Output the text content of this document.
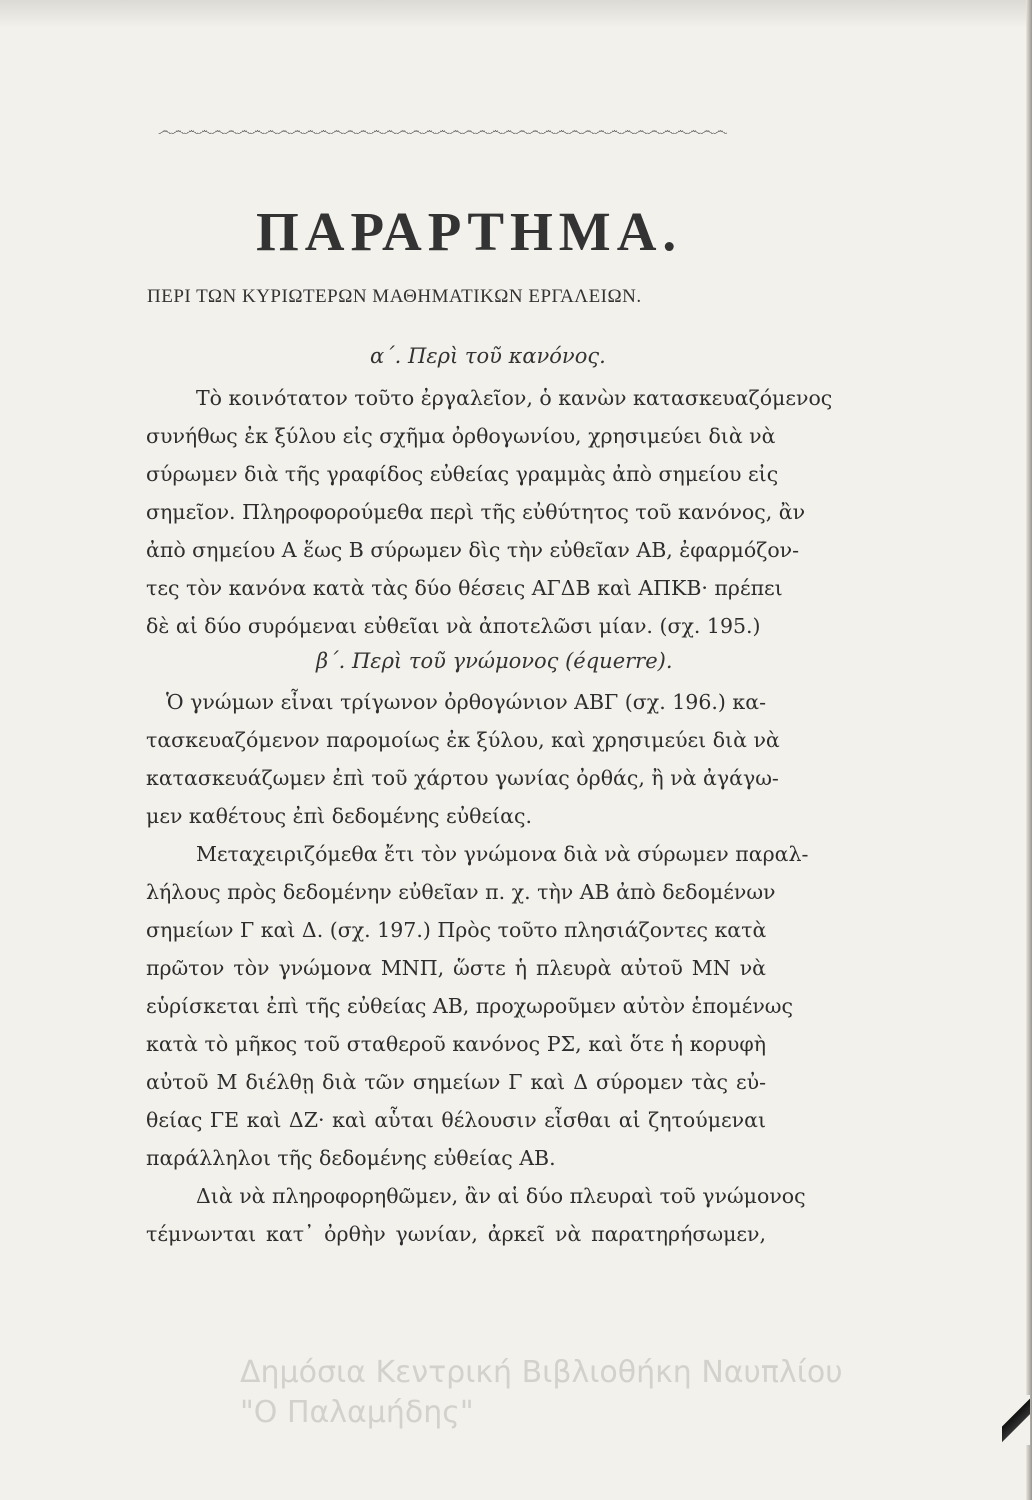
෴෴෴෴෴෴෴෴෴෴෴෴෴෴෴෴෴෴෴෴෴෴෴෴෴෴෴෴෴෴෴෴෴෴෴෴෴෴෴෴෴෴෴
ΠΑΡΑΡΤΗΜΑ.
ΠΕΡΙ ΤΩΝ ΚΥΡΙΩΤΕΡΩΝ ΜΑΘΗΜΑΤΙΚΩΝ ΕΡΓΑΛΕΙΩΝ.
α΄. Περὶ τοῦ κανόνος.
Τὸ κοινότατον τοῦτο ἐργαλεῖον, ὁ κανὼν κατασκευαζόμενος
συνήθως ἐκ ξύλου εἰς σχῆμα ὀρθογωνίου, χρησιμεύει διὰ νὰ
σύρωμεν διὰ τῆς γραφίδος εὐθείας γραμμὰς ἀπὸ σημείου εἰς
σημεῖον. Πληροφορούμεθα περὶ τῆς εὐθύτητος τοῦ κανόνος, ἂν
ἀπὸ σημείου Α ἕως Β σύρωμεν δὶς τὴν εὐθεῖαν ΑΒ, ἐφαρμόζον-
τες τὸν κανόνα κατὰ τὰς δύο θέσεις ΑΓΔΒ καὶ ΑΠΚΒ· πρέπει
δὲ αἱ δύο συρόμεναι εὐθεῖαι νὰ ἀποτελῶσι μίαν. (σχ. 195.)
β΄. Περὶ τοῦ γνώμονος (équerre).
Ὁ γνώμων εἶναι τρίγωνον ὀρθογώνιον ΑΒΓ (σχ. 196.) κα-
τασκευαζόμενον παρομοίως ἐκ ξύλου, καὶ χρησιμεύει διὰ νὰ
κατασκευάζωμεν ἐπὶ τοῦ χάρτου γωνίας ὀρθάς, ἢ νὰ ἀγάγω-
μεν καθέτους ἐπὶ δεδομένης εὐθείας.
Μεταχειριζόμεθα ἔτι τὸν γνώμονα διὰ νὰ σύρωμεν παραλ-
λήλους πρὸς δεδομένην εὐθεῖαν π. χ. τὴν ΑΒ ἀπὸ δεδομένων
σημείων Γ καὶ Δ. (σχ. 197.) Πρὸς τοῦτο πλησιάζοντες κατὰ
πρῶτον τὸν γνώμονα ΜΝΠ, ὥστε ἡ πλευρὰ αὐτοῦ ΜΝ νὰ
εὑρίσκεται ἐπὶ τῆς εὐθείας ΑΒ, προχωροῦμεν αὐτὸν ἑπομένως
κατὰ τὸ μῆκος τοῦ σταθεροῦ κανόνος ΡΣ, καὶ ὅτε ἡ κορυφὴ
αὐτοῦ Μ διέλθῃ διὰ τῶν σημείων Γ καὶ Δ σύρομεν τὰς εὐ-
θείας ΓΕ καὶ ΔΖ· καὶ αὗται θέλουσιν εἶσθαι αἱ ζητούμεναι
παράλληλοι τῆς δεδομένης εὐθείας ΑΒ.
Διὰ νὰ πληροφορηθῶμεν, ἂν αἱ δύο πλευραὶ τοῦ γνώμονος
τέμνωνται κατ᾽ ὀρθὴν γωνίαν, ἀρκεῖ νὰ παρατηρήσωμεν,
Δημόσια Κεντρική Βιβλιοθήκη Ναυπλίου
"Ο Παλαμήδης"
